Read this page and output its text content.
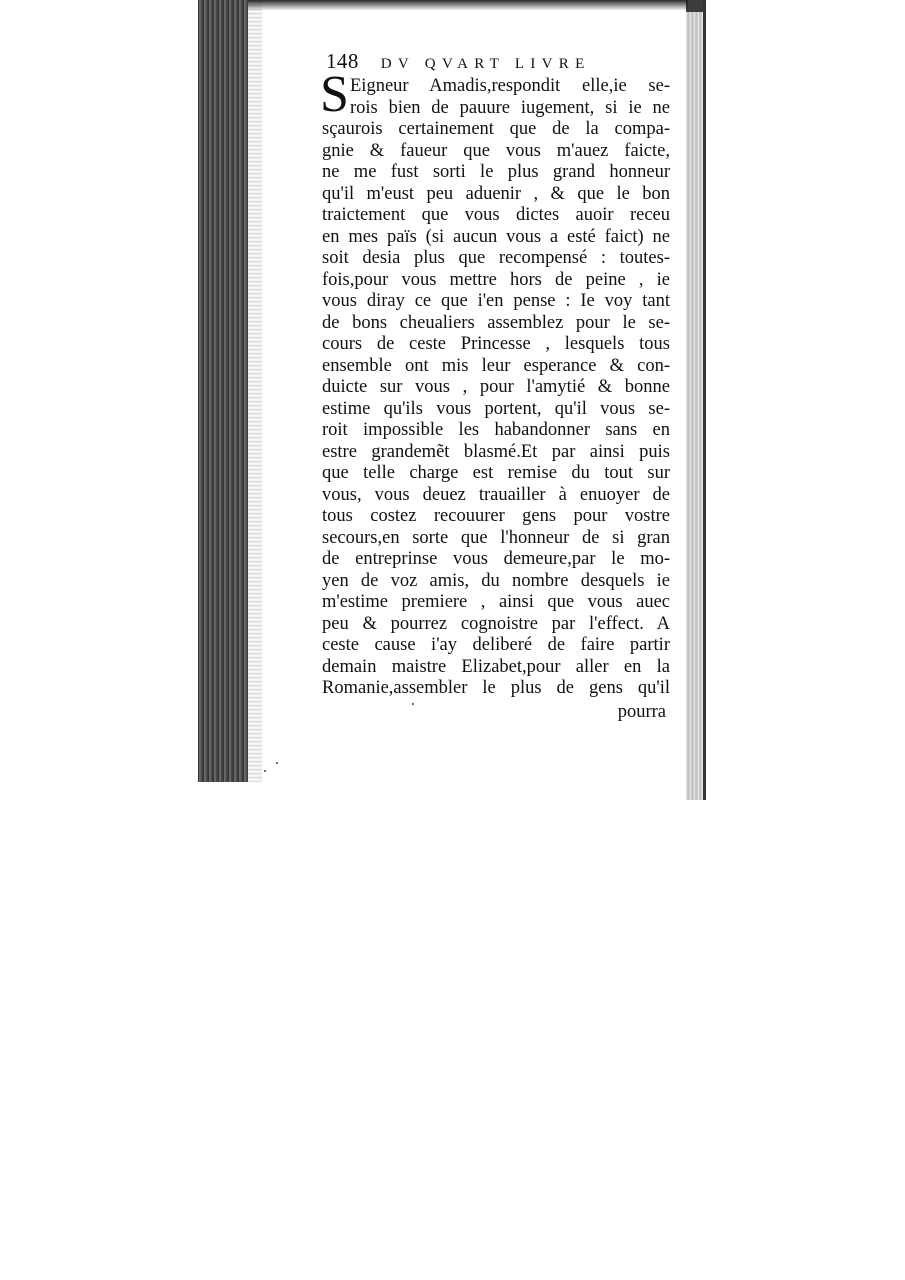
148 DV QVART LIVRE
S Eigneur Amadis,respondit elle,ie se-
rois bien de pauure iugement, si ie ne
sçaurois certainement que de la compa-
gnie & faueur que vous m'auez faicte,
ne me fust sorti le plus grand honneur
qu'il m'eust peu aduenir , & que le bon
traictement que vous dictes auoir receu
en mes païs (si aucun vous a esté faict) ne
soit desia plus que recompensé : toutes-
fois,pour vous mettre hors de peine , ie
vous diray ce que i'en pense : Ie voy tant
de bons cheualiers assemblez pour le se-
cours de ceste Princesse , lesquels tous
ensemble ont mis leur esperance & con-
duicte sur vous , pour l'amytié & bonne
estime qu'ils vous portent, qu'il vous se-
roit impossible les habandonner sans en
estre grandemẽt blasmé.Et par ainsi puis
que telle charge est remise du tout sur
vous, vous deuez trauailler à enuoyer de
tous costez recouurer gens pour vostre
secours,en sorte que l'honneur de si gran
de entreprinse vous demeure,par le mo-
yen de voz amis, du nombre desquels ie
m'estime premiere , ainsi que vous auec
peu & pourrez cognoistre par l'effect. A
ceste cause i'ay deliberé de faire partir
demain maistre Elizabet,pour aller en la
Romanie,assembler le plus de gens qu'il
pourra
